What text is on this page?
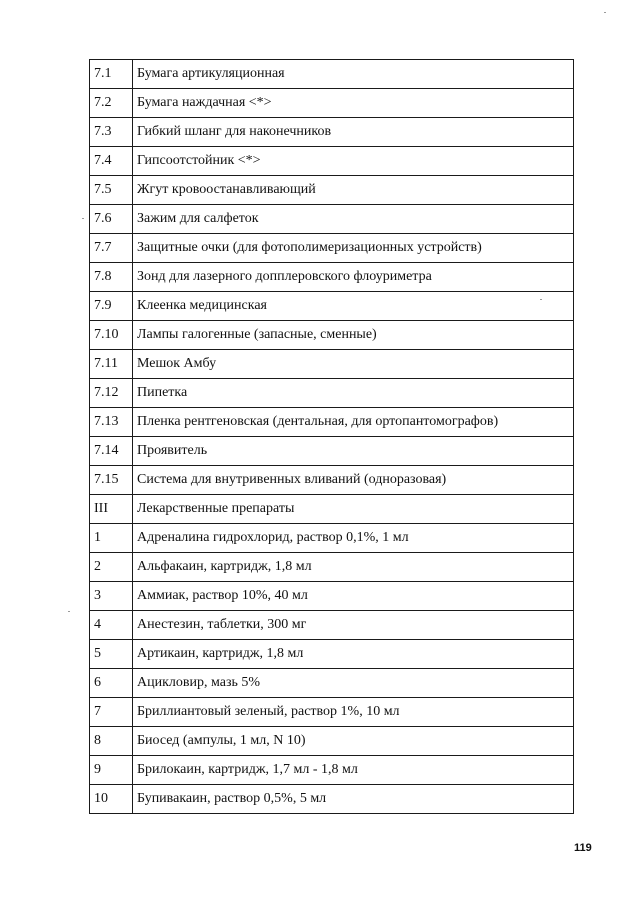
7.1	Бумага артикуляционная
7.2	Бумага наждачная <*>
7.3	Гибкий шланг для наконечников
7.4	Гипсоотстойник <*>
7.5	Жгут кровоостанавливающий
7.6	Зажим для салфеток
7.7	Защитные очки (для фотополимеризационных устройств)
7.8	Зонд для лазерного допплеровского флоуриметра
7.9	Клеенка медицинская
7.10	Лампы галогенные (запасные, сменные)
7.11	Мешок Амбу
7.12	Пипетка
7.13	Пленка рентгеновская (дентальная, для ортопантомографов)
7.14	Проявитель
7.15	Система для внутривенных вливаний (одноразовая)
III	Лекарственные препараты
1	Адреналина гидрохлорид, раствор 0,1%, 1 мл
2	Альфакаин, картридж, 1,8 мл
3	Аммиак, раствор 10%, 40 мл
4	Анестезин, таблетки, 300 мг
5	Артикаин, картридж, 1,8 мл
6	Ацикловир, мазь 5%
7	Бриллиантовый зеленый, раствор 1%, 10 мл
8	Биосед (ампулы, 1 мл, N 10)
9	Брилокаин, картридж, 1,7 мл - 1,8 мл
10	Бупивакаин, раствор 0,5%, 5 мл
119
